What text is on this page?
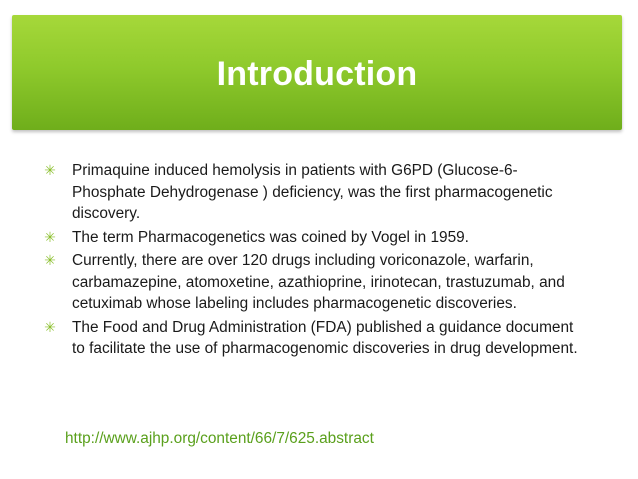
Introduction
✳ Primaquine induced hemolysis in patients with G6PD (Glucose-6-Phosphate Dehydrogenase ) deficiency, was the first pharmacogenetic discovery.
✳ The term Pharmacogenetics was coined by Vogel in 1959.
✳ Currently, there are over 120 drugs including voriconazole, warfarin, carbamazepine, atomoxetine, azathioprine, irinotecan, trastuzumab, and cetuximab whose labeling includes pharmacogenetic discoveries.
✳ The Food and Drug Administration (FDA) published a guidance document to facilitate the use of pharmacogenomic discoveries in drug development.
http://www.ajhp.org/content/66/7/625.abstract
